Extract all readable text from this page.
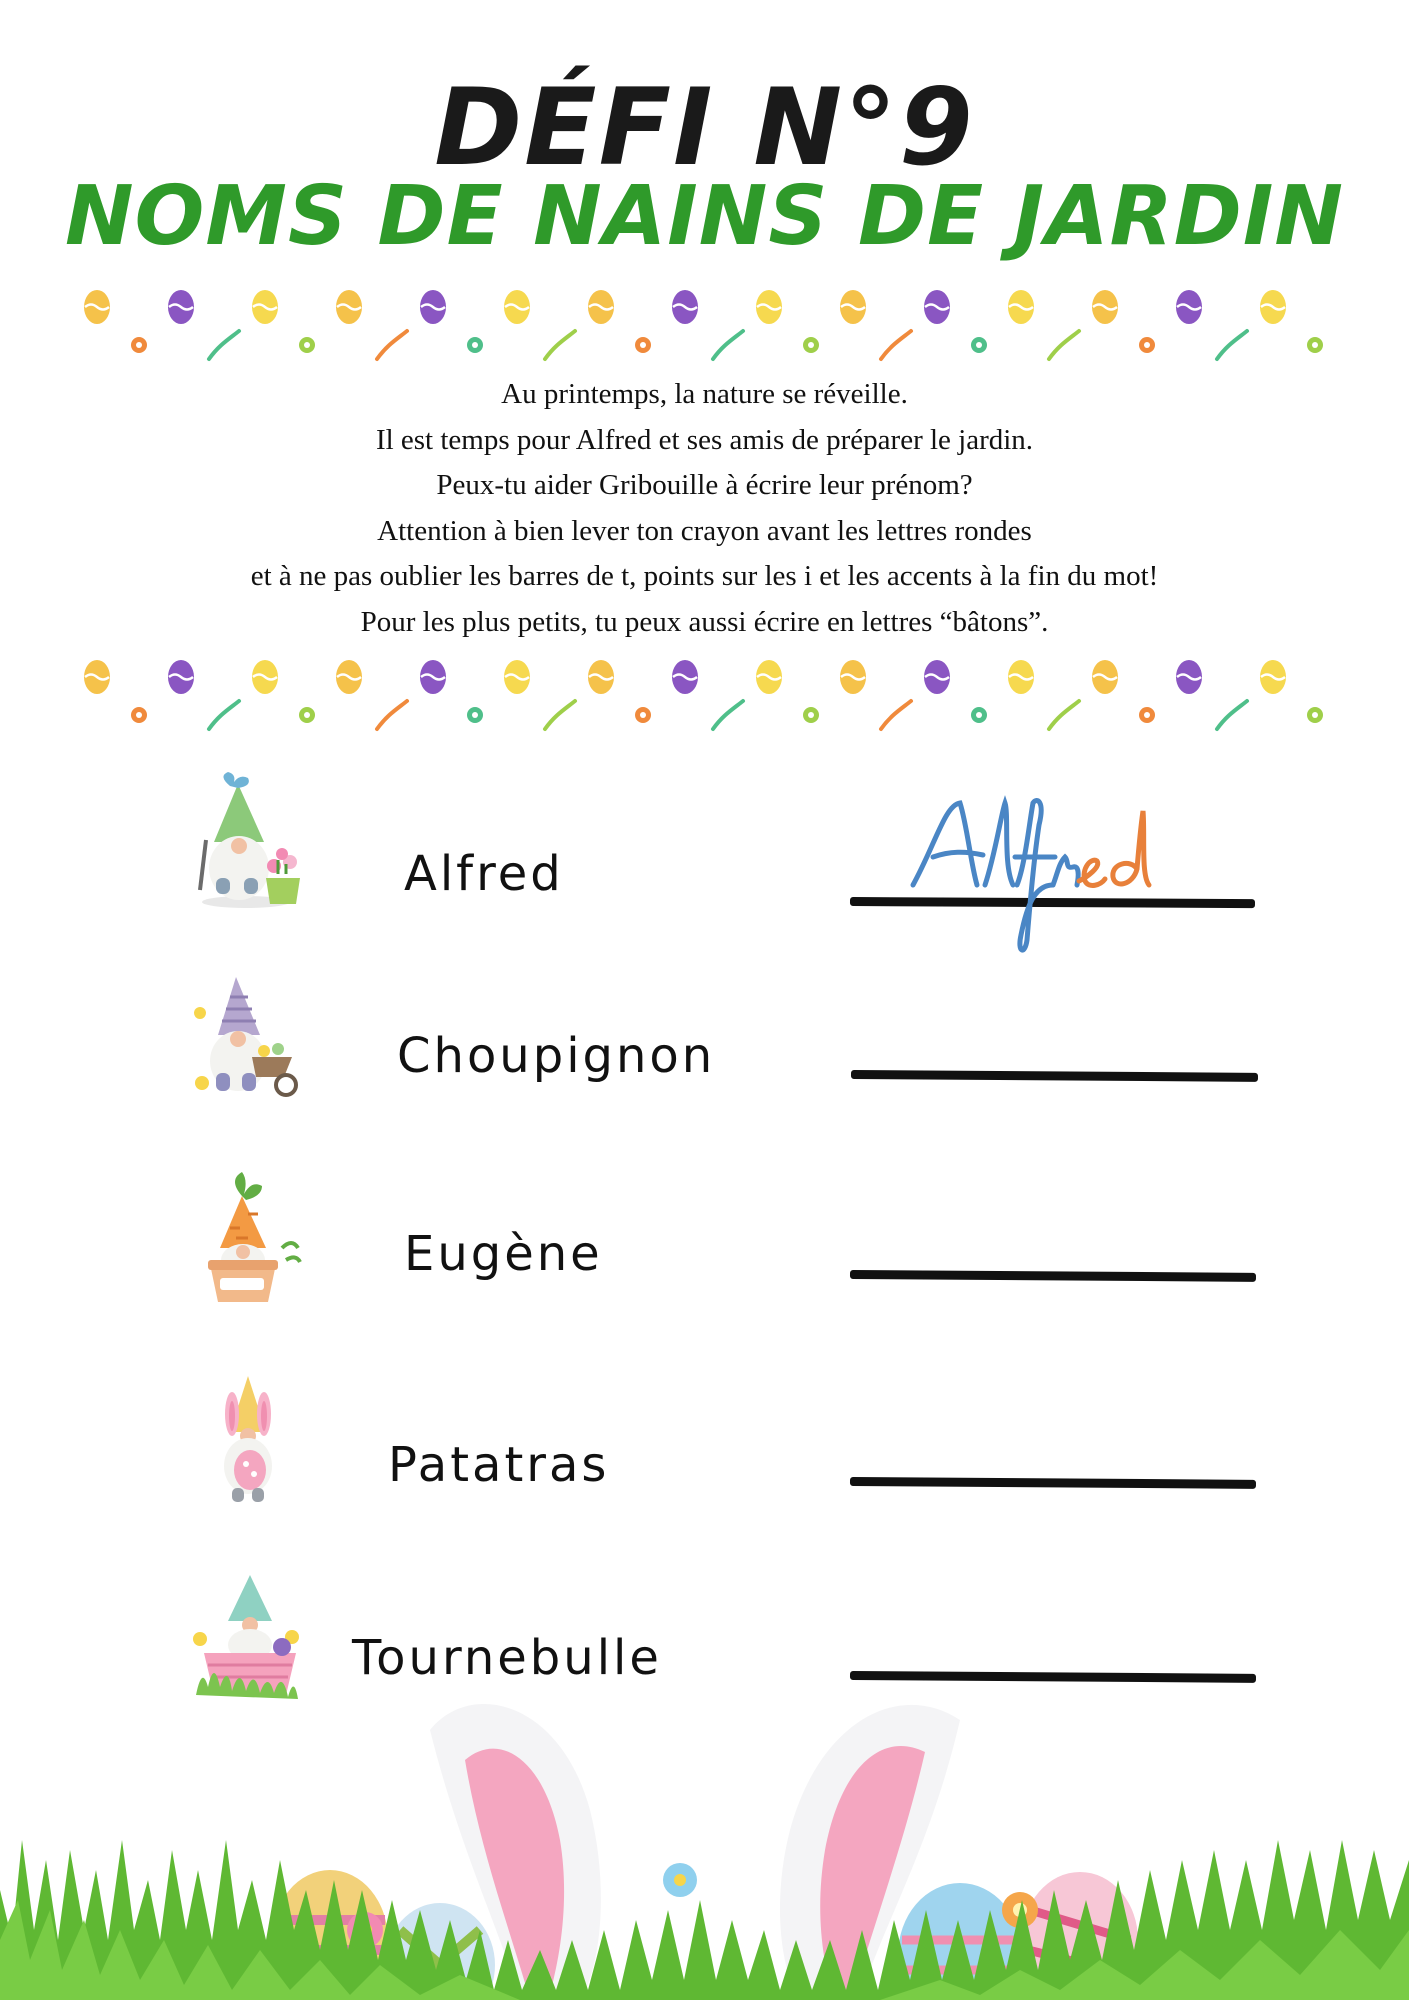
DÉFI N°9
NOMS DE NAINS DE JARDIN
Au printemps, la nature se réveille.
Il est temps pour Alfred et ses amis de préparer le jardin.
Peux-tu aider Gribouille à écrire leur prénom?
Attention à bien lever ton crayon avant les lettres rondes
et à ne pas oublier les barres de t, points sur les i et les accents à la fin du mot!
Pour les plus petits, tu peux aussi écrire en lettres “bâtons”.
Alfred
Choupignon
Eugène
Patatras
Tournebulle
